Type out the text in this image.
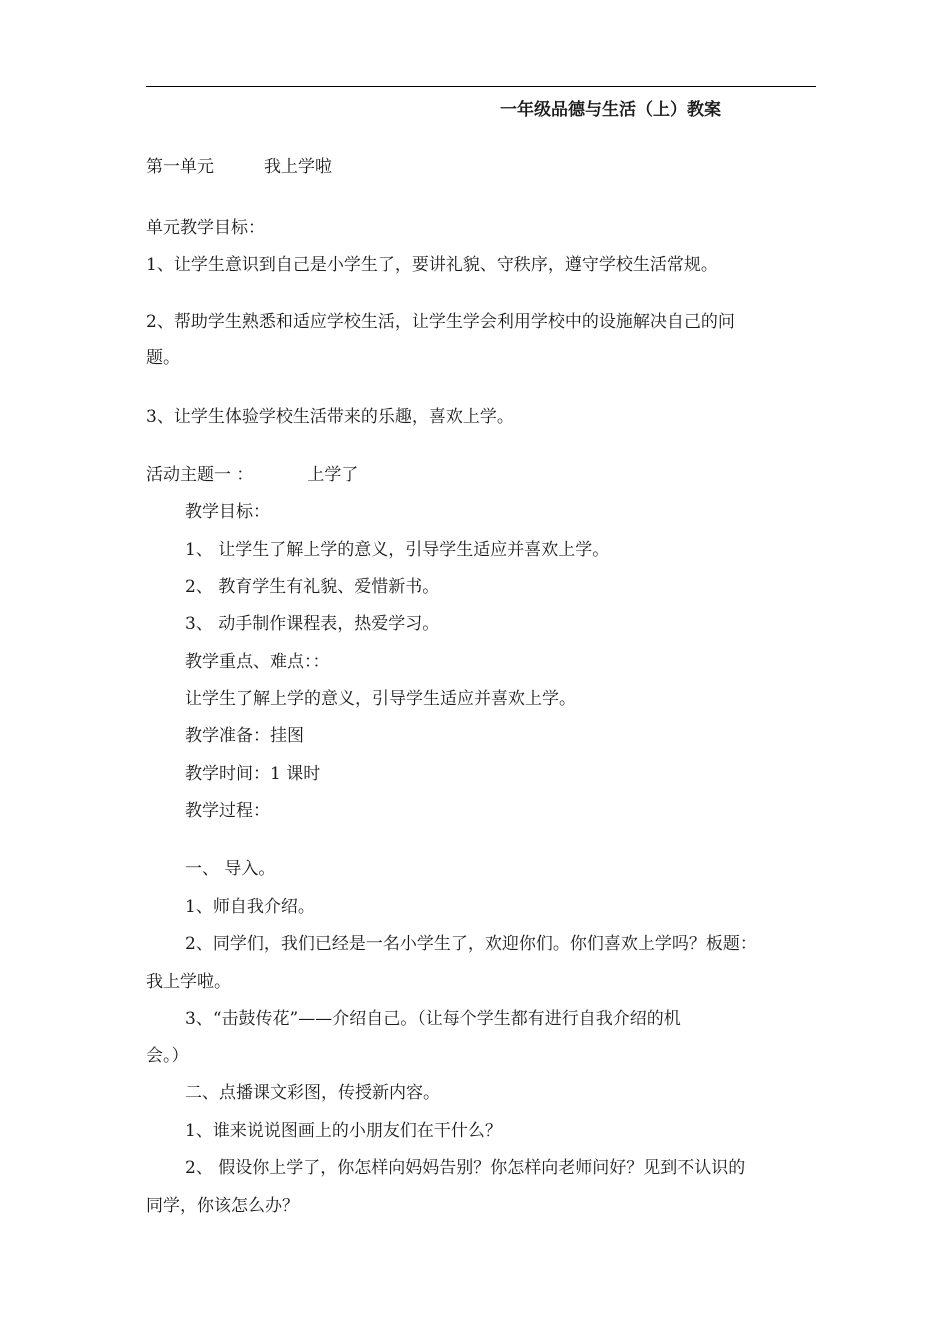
一年级品德与生活（上）教案
第一单元	我上学啦
单元教学目标：
1、让学生意识到自己是小学生了，要讲礼貌、守秩序，遵守学校生活常规。
2、帮助学生熟悉和适应学校生活，让学生学会利用学校中的设施解决自己的问
题。
3、让学生体验学校生活带来的乐趣，喜欢上学。
活动主题一 ：	上学了
教学目标：
1、 让学生了解上学的意义，引导学生适应并喜欢上学。
2、 教育学生有礼貌、爱惜新书。
3、 动手制作课程表，热爱学习。
教学重点、难点：：
让学生了解上学的意义，引导学生适应并喜欢上学。
教学准备：挂图
教学时间：1 课时
教学过程：
一、 导入。
1、师自我介绍。
2、同学们，我们已经是一名小学生了，欢迎你们。你们喜欢上学吗？板题：
我上学啦。
3、“击鼓传花”——介绍自己。（让每个学生都有进行自我介绍的机
会。）
二、点播课文彩图，传授新内容。
1、谁来说说图画上的小朋友们在干什么？
2、 假设你上学了，你怎样向妈妈告别？你怎样向老师问好？见到不认识的
同学，你该怎么办？
